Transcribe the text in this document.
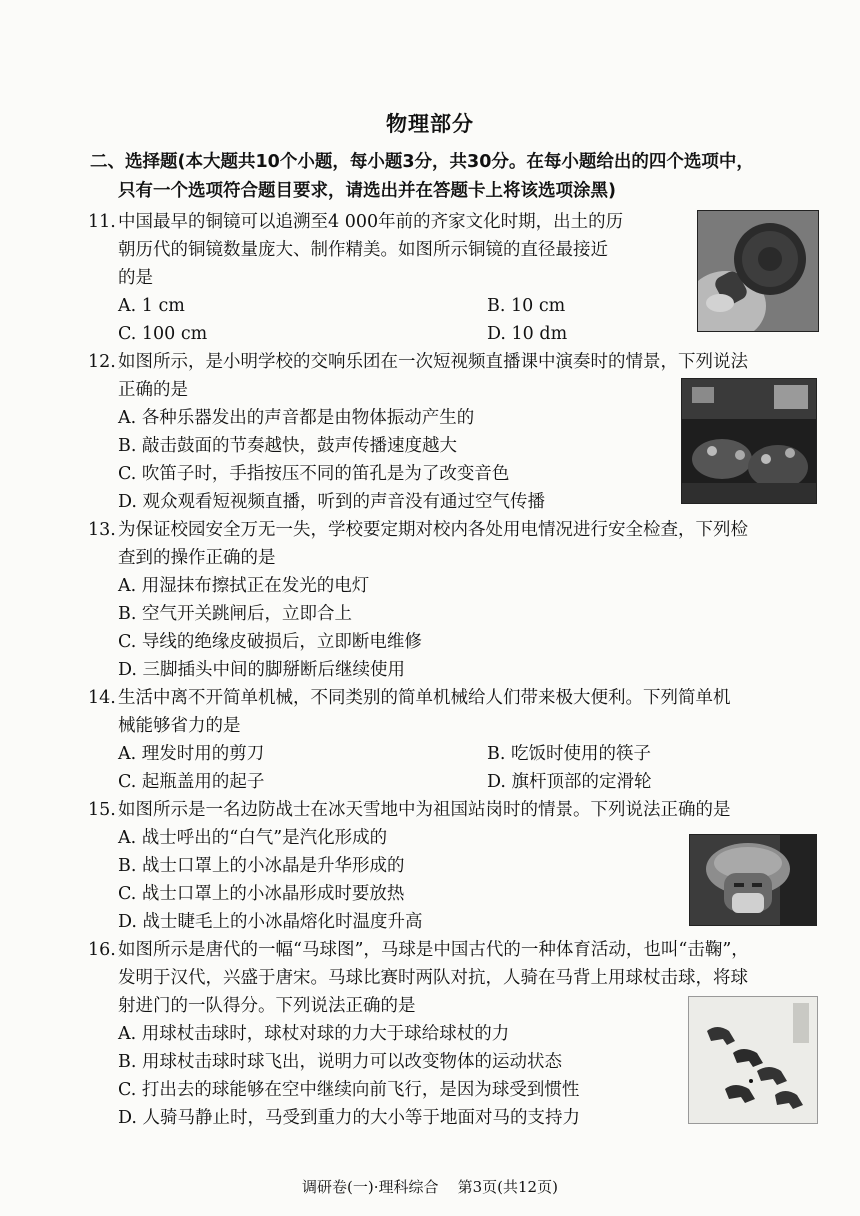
物理部分
二、选择题(本大题共10个小题，每小题3分，共30分。在每小题给出的四个选项中，
只有一个选项符合题目要求，请选出并在答题卡上将该选项涂黑)
11. 中国最早的铜镜可以追溯至4 000年前的齐家文化时期，出土的历
朝历代的铜镜数量庞大、制作精美。如图所示铜镜的直径最接近
的是
A. 1 cm	B. 10 cm
C. 100 cm	D. 10 dm
12. 如图所示，是小明学校的交响乐团在一次短视频直播课中演奏时的情景，下列说法
正确的是
A. 各种乐器发出的声音都是由物体振动产生的
B. 敲击鼓面的节奏越快，鼓声传播速度越大
C. 吹笛子时，手指按压不同的笛孔是为了改变音色
D. 观众观看短视频直播，听到的声音没有通过空气传播
13. 为保证校园安全万无一失，学校要定期对校内各处用电情况进行安全检查，下列检
查到的操作正确的是
A. 用湿抹布擦拭正在发光的电灯
B. 空气开关跳闸后，立即合上
C. 导线的绝缘皮破损后，立即断电维修
D. 三脚插头中间的脚掰断后继续使用
14. 生活中离不开简单机械，不同类别的简单机械给人们带来极大便利。下列简单机
械能够省力的是
A. 理发时用的剪刀	B. 吃饭时使用的筷子
C. 起瓶盖用的起子	D. 旗杆顶部的定滑轮
15. 如图所示是一名边防战士在冰天雪地中为祖国站岗时的情景。下列说法正确的是
A. 战士呼出的“白气”是汽化形成的
B. 战士口罩上的小冰晶是升华形成的
C. 战士口罩上的小冰晶形成时要放热
D. 战士睫毛上的小冰晶熔化时温度升高
16. 如图所示是唐代的一幅“马球图”，马球是中国古代的一种体育活动，也叫“击鞠”，
发明于汉代，兴盛于唐宋。马球比赛时两队对抗，人骑在马背上用球杖击球，将球
射进门的一队得分。下列说法正确的是
A. 用球杖击球时，球杖对球的力大于球给球杖的力
B. 用球杖击球时球飞出，说明力可以改变物体的运动状态
C. 打出去的球能够在空中继续向前飞行，是因为球受到惯性
D. 人骑马静止时，马受到重力的大小等于地面对马的支持力
调研卷(一)·理科综合 第3页(共12页)
